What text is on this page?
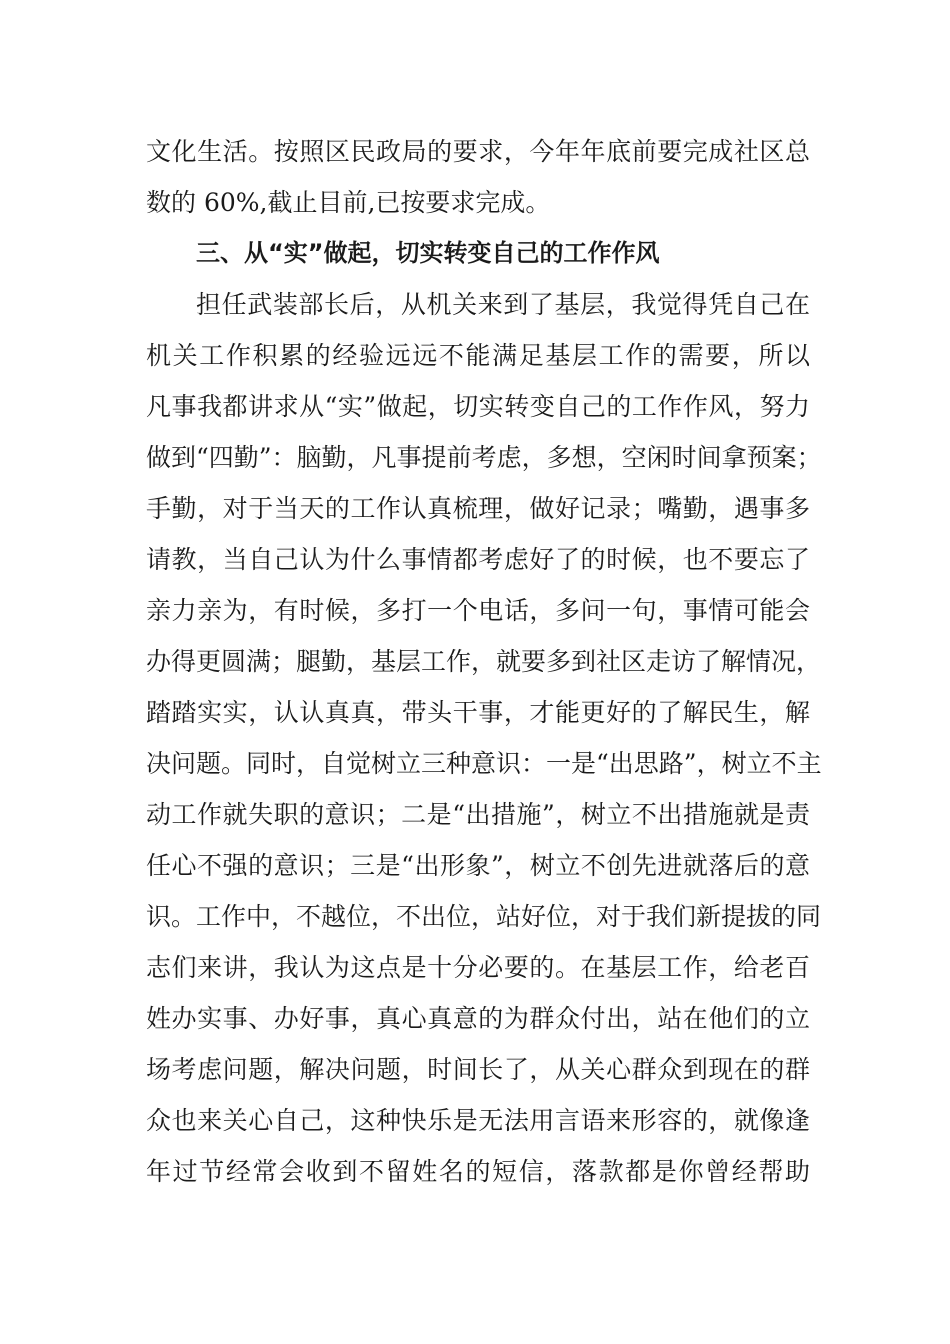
文化生活。按照区民政局的要求，今年年底前要完成社区总
数的 60%,截止目前,已按要求完成。
三、从“实”做起，切实转变自己的工作作风
担任武装部长后，从机关来到了基层，我觉得凭自己在
机关工作积累的经验远远不能满足基层工作的需要，所以
凡事我都讲求从“实”做起，切实转变自己的工作作风，努力
做到“四勤”：脑勤，凡事提前考虑，多想，空闲时间拿预案；
手勤，对于当天的工作认真梳理，做好记录；嘴勤，遇事多
请教，当自己认为什么事情都考虑好了的时候，也不要忘了
亲力亲为，有时候，多打一个电话，多问一句，事情可能会
办得更圆满；腿勤，基层工作，就要多到社区走访了解情况，
踏踏实实，认认真真，带头干事，才能更好的了解民生，解
决问题。同时，自觉树立三种意识：一是“出思路”，树立不主
动工作就失职的意识；二是“出措施”，树立不出措施就是责
任心不强的意识；三是“出形象”，树立不创先进就落后的意
识。工作中，不越位，不出位，站好位，对于我们新提拔的同
志们来讲，我认为这点是十分必要的。在基层工作，给老百
姓办实事、办好事，真心真意的为群众付出，站在他们的立
场考虑问题，解决问题，时间长了，从关心群众到现在的群
众也来关心自己，这种快乐是无法用言语来形容的，就像逢
年过节经常会收到不留姓名的短信，落款都是你曾经帮助
